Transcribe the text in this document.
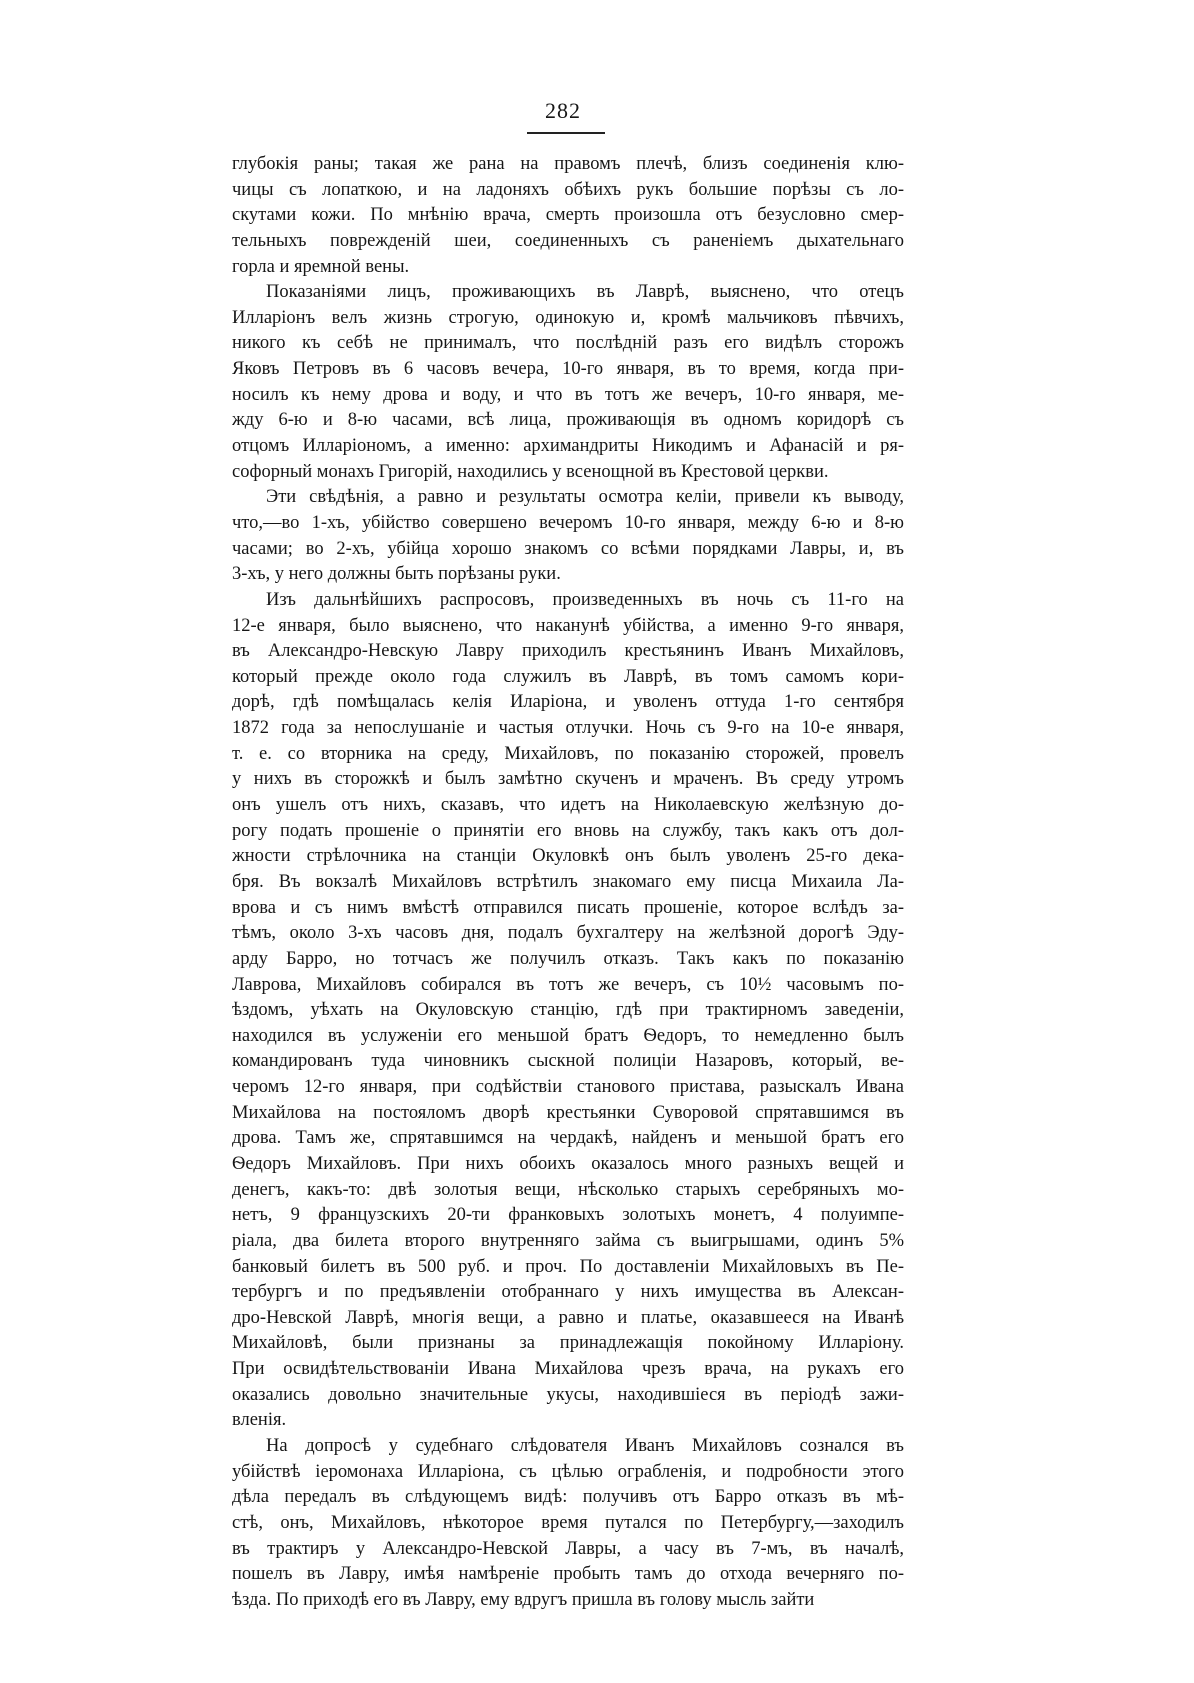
282
глубокія раны; такая же рана на правомъ плечѣ, близъ соединенія клю-
чицы съ лопаткою, и на ладоняхъ обѣихъ рукъ большие порѣзы съ ло-
скутами кожи. По мнѣнію врача, смерть произошла отъ безусловно смер-
тельныхъ поврежденій шеи, соединенныхъ съ раненіемъ дыхательнаго
горла и яремной вены.
Показаніями лицъ, проживающихъ въ Лаврѣ, выяснено, что отецъ
Илларіонъ велъ жизнь строгую, одинокую и, кромѣ мальчиковъ пѣвчихъ,
никого къ себѣ не принималъ, что послѣдній разъ его видѣлъ сторожъ
Яковъ Петровъ въ 6 часовъ вечера, 10-го января, въ то время, когда при-
носилъ къ нему дрова и воду, и что въ тотъ же вечеръ, 10-го января, ме-
жду 6-ю и 8-ю часами, всѣ лица, проживающія въ одномъ коридорѣ съ
отцомъ Илларіономъ, а именно: архимандриты Никодимъ и Афанасій и ря-
софорный монахъ Григорій, находились у всенощной въ Крестовой церкви.
Эти свѣдѣнія, а равно и результаты осмотра келіи, привели къ выводу,
что,—во 1-хъ, убійство совершено вечеромъ 10-го января, между 6-ю и 8-ю
часами; во 2-хъ, убійца хорошо знакомъ со всѣми порядками Лавры, и, въ
3-хъ, у него должны быть порѣзаны руки.
Изъ дальнѣйшихъ распросовъ, произведенныхъ въ ночь съ 11-го на
12-е января, было выяснено, что наканунѣ убійства, а именно 9-го января,
въ Александро-Невскую Лавру приходилъ крестьянинъ Иванъ Михайловъ,
который прежде около года служилъ въ Лаврѣ, въ томъ самомъ кори-
дорѣ, гдѣ помѣщалась келія Иларіона, и уволенъ оттуда 1-го сентября
1872 года за непослушаніе и частыя отлучки. Ночь съ 9-го на 10-е января,
т. е. со вторника на среду, Михайловъ, по показанію сторожей, провелъ
у нихъ въ сторожкѣ и былъ замѣтно скученъ и мраченъ. Въ среду утромъ
онъ ушелъ отъ нихъ, сказавъ, что идетъ на Николаевскую желѣзную до-
рогу подать прошеніе о принятіи его вновь на службу, такъ какъ отъ дол-
жности стрѣлочника на станціи Окуловкѣ онъ былъ уволенъ 25-го дека-
бря. Въ вокзалѣ Михайловъ встрѣтилъ знакомаго ему писца Михаила Ла-
врова и съ нимъ вмѣстѣ отправился писать прошеніе, которое вслѣдъ за-
тѣмъ, около 3-хъ часовъ дня, подалъ бухгалтеру на желѣзной дорогѣ Эду-
арду Барро, но тотчасъ же получилъ отказъ. Такъ какъ по показанію
Лаврова, Михайловъ собирался въ тотъ же вечеръ, съ 10½ часовымъ по-
ѣздомъ, уѣхать на Окуловскую станцію, гдѣ при трактирномъ заведеніи,
находился въ услуженіи его меньшой братъ Ѳедоръ, то немедленно былъ
командированъ туда чиновникъ сыскной полиціи Назаровъ, который, ве-
черомъ 12-го января, при содѣйствіи станового пристава, разыскалъ Ивана
Михайлова на постояломъ дворѣ крестьянки Суворовой спрятавшимся въ
дрова. Тамъ же, спрятавшимся на чердакѣ, найденъ и меньшой братъ его
Ѳедоръ Михайловъ. При нихъ обоихъ оказалось много разныхъ вещей и
денегъ, какъ-то: двѣ золотыя вещи, нѣсколько старыхъ серебряныхъ мо-
нетъ, 9 французскихъ 20-ти франковыхъ золотыхъ монетъ, 4 полуимпе-
ріала, два билета второго внутренняго займа съ выигрышами, одинъ 5%
банковый билетъ въ 500 руб. и проч. По доставленіи Михайловыхъ въ Пе-
тербургъ и по предъявленіи отобраннаго у нихъ имущества въ Алексан-
дро-Невской Лаврѣ, многія вещи, а равно и платье, оказавшееся на Иванѣ
Михайловѣ, были признаны за принадлежащія покойному Илларіону.
При освидѣтельствованіи Ивана Михайлова чрезъ врача, на рукахъ его
оказались довольно значительные укусы, находившіеся въ періодѣ зажи-
вленія.
На допросѣ у судебнаго слѣдователя Иванъ Михайловъ сознался въ
убійствѣ іеромонаха Илларіона, съ цѣлью ограбленія, и подробности этого
дѣла передалъ въ слѣдующемъ видѣ: получивъ отъ Барро отказъ въ мѣ-
стѣ, онъ, Михайловъ, нѣкоторое время путался по Петербургу,—заходилъ
въ трактиръ у Александро-Невской Лавры, а часу въ 7-мъ, въ началѣ,
пошелъ въ Лавру, имѣя намѣреніе пробыть тамъ до отхода вечерняго по-
ѣзда. По приходѣ его въ Лавру, ему вдругъ пришла въ голову мысль зайти
